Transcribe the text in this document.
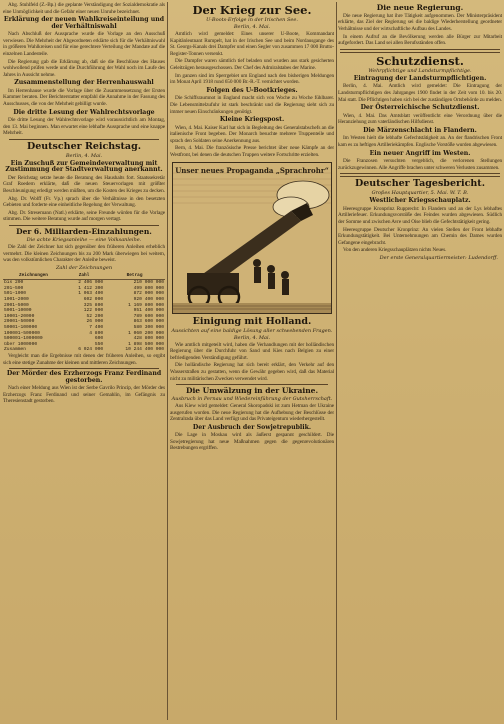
Abg. Stuhlfeld (Z.-Bp.) die geplante Verständigung der Sozialdemokratie als eine Unmöglichkeit und die Gefahr einer neuen Unruhe bezeichnet.

Erklärung der neuen Wahlkreiseinteilung und der Verhältniswahl

Nach Abschluß der Aussprache wurde die Vorlage an den Ausschuß verwiesen. Die Mehrheit der Abgeordneten erklärte sich für die Verhältniswahl in größeren Wahlkreisen und für eine gerechtere Verteilung der Mandate auf die einzelnen Landesteile.

Die Regierung gab die Erklärung ab, daß sie die Beschlüsse des Hauses wohlwollend prüfen werde und die Durchführung der Wahl noch im Laufe des Jahres in Aussicht nehme.

Zusammenstellung der Herrenhauswahl

Im Herrenhause wurde die Vorlage über die Zusammensetzung der Ersten Kammer beraten. Der Berichterstatter empfahl die Annahme in der Fassung des Ausschusses, die von der Mehrheit gebilligt wurde.

Die dritte Lesung der Wahlrechtsvorlage

Die dritte Lesung der Wahlrechtsvorlage wird voraussichtlich am Montag, den 13. Mai beginnen. Man erwartet eine lebhafte Aussprache und eine knappe Mehrheit.

Deutscher Reichstag.
Berlin, 4. Mai.
Ein Zuschuß zur Gemeindeverwaltung mit Zustimmung der Stadtverwaltung anerkannt.

Der Reichstag setzte heute die Beratung des Haushalts fort. Staatssekretär Graf Roedern erklärte, daß die neuen Steuervorlagen mit größter Beschleunigung erledigt werden müßten, um die Kosten des Krieges zu decken.

Abg. Dr. Wolff (Fr. Vp.) sprach über die Verhältnisse in den besetzten Gebieten und forderte eine einheitliche Regelung der Verwaltung.

Abg. Dr. Stresemann (Natl.) erklärte, seine Freunde würden für die Vorlage stimmen. Die weitere Beratung wurde auf morgen vertagt.

Der 6. Milliarden-Einzahlungen.
Die achte Kriegsanleihe — eine Volksanleihe.

Die Zahl der Zeichner hat sich gegenüber den früheren Anleihen erheblich vermehrt. Die kleinen Zeichnungen bis zu 200 Mark überwiegen bei weitem, was den volkstümlichen Charakter der Anleihe beweist.

Zahl der Zeichnungen
Zeichnungen	Zahl	Betrag
bis 200	2 406 000	210 000 000
201–500	1 412 300	499 800 000
501–1000	1 063 400	872 000 000
1001–2000	602 000	920 400 000
2001–5000	325 800	1 169 800 000
5001–10000	122 900	951 400 000
10001–20000	52 200	789 600 000
20001–50000	26 000	863 600 000
50001–100000	7 400	580 300 000
100001–500000	4 800	1 060 200 000
500001–1000000	600	428 800 000
über 1000000	550	1 898 500 000
Zusammen	6 024 000	10 244 400 000

Vergleicht man die Ergebnisse mit denen der früheren Anleihen, so ergibt sich eine stetige Zunahme der kleinen und mittleren Zeichnungen.

Der Mörder des Erzherzogs Franz Ferdinand gestorben.

Nach einer Meldung aus Wien ist der Serbe Gavrilo Princip, der Mörder des Erzherzogs Franz Ferdinand und seiner Gemahlin, im Gefängnis zu Theresienstadt gestorben.

Der Krieg zur See.
U-Boots-Erfolge in der Irischen See.
Berlin, 4. Mai.

Amtlich wird gemeldet: Eines unserer U-Boote, Kommandant Kapitänleutnant Rumpelt, hat in der Irischen See und beim Nordausgange des St. Georgs-Kanals drei Dampfer und einen Segler von zusammen 17 000 Brutto-Register-Tonnen versenkt.

Die Dampfer waren sämtlich tief beladen und wurden aus stark gesicherten Geleitzügen herausgeschossen. Der Chef des Admiralstabes der Marine.

Im ganzen sind im Sperrgebiet um England nach den bisherigen Meldungen im Monat April 1918 rund 650 000 Br.-R.-T. vernichtet worden.

Folgen des U-Bootkrieges.

Die Schiffsraumnot in England macht sich von Woche zu Woche fühlbarer. Die Lebensmittelzufuhr ist stark beschränkt und die Regierung sieht sich zu immer neuen Einschränkungen genötigt.

Kleine Kriegspost.

Wien, 4. Mai. Kaiser Karl hat sich in Begleitung des Generalstabschefs an die italienische Front begeben. Der Monarch besuchte mehrere Truppenteile und sprach den Soldaten seine Anerkennung aus.

Bern, 4. Mai. Die französische Presse berichtet über neue Kämpfe an der Westfront, bei denen die deutschen Truppen weitere Fortschritte erzielten.

Unser neues Propaganda „Sprachrohr“
Einigung mit Holland.
Aussichten auf eine baldige Lösung aller schwebenden Fragen.
Berlin, 4. Mai.

Wie amtlich mitgeteilt wird, haben die Verhandlungen mit der holländischen Regierung über die Durchfuhr von Sand und Kies nach Belgien zu einer befriedigenden Verständigung geführt.

Die holländische Regierung hat sich bereit erklärt, den Verkehr auf den Wasserstraßen zu gestatten, wenn die Gewähr gegeben wird, daß das Material nicht zu militärischen Zwecken verwendet wird.

Die Umwälzung in der Ukraine.
Ausbruch in Pernau und Wiedereinführung der Gutsherrschaft.

Aus Kiew wird gemeldet: General Skoropadski ist zum Hetman der Ukraine ausgerufen worden. Die neue Regierung hat die Aufhebung der Beschlüsse der Zentralrada über das Land verfügt und das Privateigentum wiederhergestellt.

Der Ausbruch der Sowjetrepublik.

Die Lage in Moskau wird als äußerst gespannt geschildert. Die Sowjetregierung hat neue Maßnahmen gegen die gegenrevolutionären Bestrebungen ergriffen.

Die neue Regierung.

Die neue Regierung hat ihre Tätigkeit aufgenommen. Der Ministerpräsident erklärte, das Ziel der Regierung sei die baldige Wiederherstellung geordneter Verhältnisse und der wirtschaftliche Aufbau des Landes.

In einem Aufruf an die Bevölkerung werden alle Bürger zur Mitarbeit aufgefordert. Das Land sei allen Berufsständen offen.

Schutzdienst.
Wehrpflichtige und Landsturmpflichtige.
Eintragung der Landsturmpflichtigen.

Berlin, 4. Mai. Amtlich wird gemeldet: Die Eintragung der Landsturmpflichtigen des Jahrganges 1900 findet in der Zeit vom 10. bis 20. Mai statt. Die Pflichtigen haben sich bei der zuständigen Ortsbehörde zu melden.

Der Österreichische Schutzdienst.

Wien, 4. Mai. Das Amtsblatt veröffentlicht eine Verordnung über die Heranziehung zum vaterländischen Hilfsdienst.

Die Märzenschlacht in Flandern.

Im Westen hielt die lebhafte Gefechtstätigkeit an. An der flandrischen Front kam es zu heftigen Artilleriekämpfen. Englische Vorstöße wurden abgewiesen.

Ein neuer Angriff im Westen.

Die Franzosen versuchten vergeblich, die verlorenen Stellungen zurückzugewinnen. Alle Angriffe brachen unter schweren Verlusten zusammen.

Deutscher Tagesbericht.
Großes Hauptquartier, 5. Mai. W. T. B.
Westlicher Kriegsschauplatz.

Heeresgruppe Kronprinz Rupprecht: In Flandern und an der Lys lebhaftes Artilleriefeuer. Erkundungsvorstöße des Feindes wurden abgewiesen. Südlich der Somme und zwischen Avre und Oise blieb die Gefechtstätigkeit gering.

Heeresgruppe Deutscher Kronprinz: An vielen Stellen der Front lebhafte Erkundungstätigkeit. Bei Unternehmungen am Chemin des Dames wurden Gefangene eingebracht.

Von den anderen Kriegsschauplätzen nichts Neues.

Der erste Generalquartiermeister: Ludendorff.
